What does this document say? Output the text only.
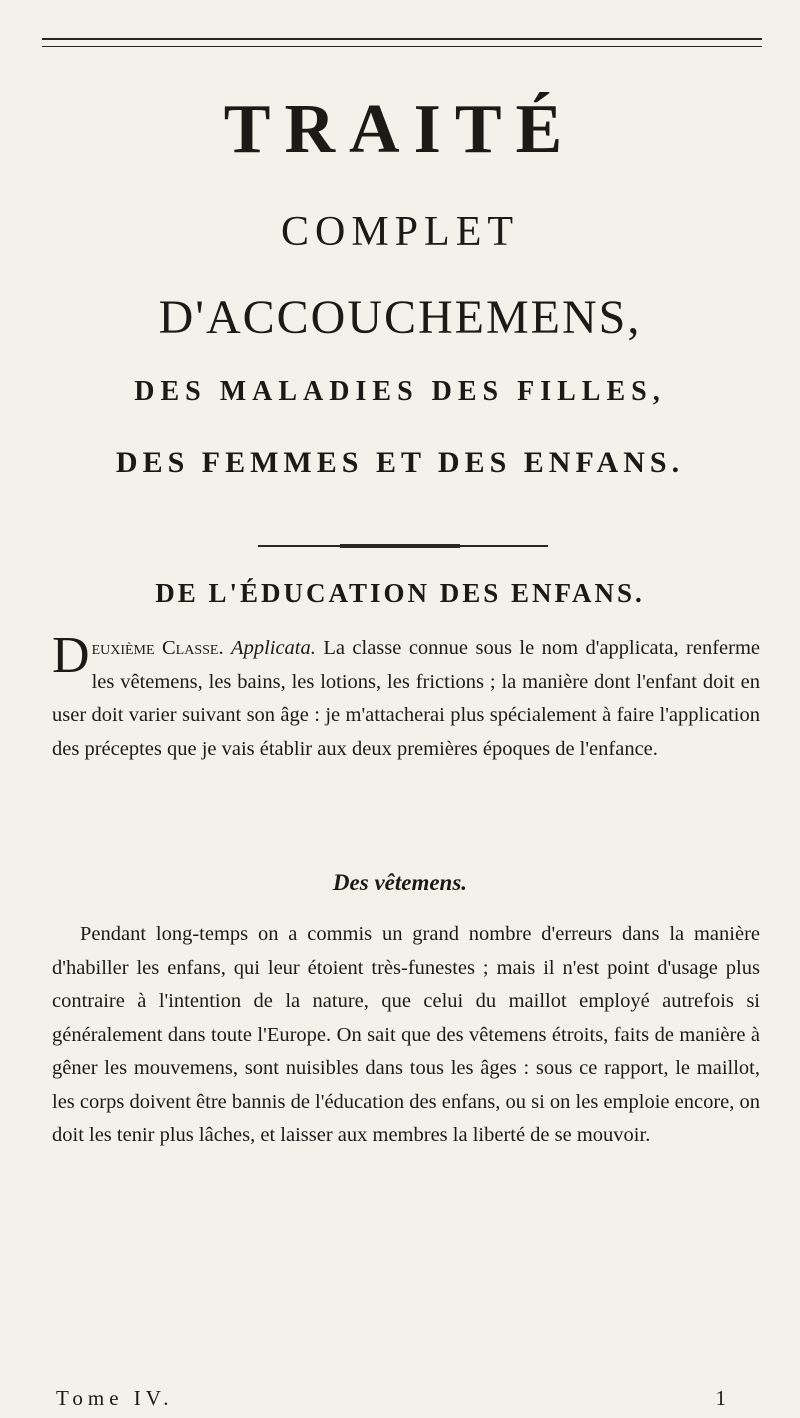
TRAITÉ
COMPLET
D'ACCOUCHEMENS,
DES MALADIES DES FILLES,
DES FEMMES ET DES ENFANS.
DE L'ÉDUCATION DES ENFANS.
Deuxième Classe. Applicata. La classe connue sous le nom d'applicata, renferme les vêtemens, les bains, les lotions, les frictions ; la manière dont l'enfant doit en user doit varier suivant son âge : je m'attacherai plus spécialement à faire l'application des préceptes que je vais établir aux deux premières époques de l'enfance.
Des vêtemens.
Pendant long-temps on a commis un grand nombre d'erreurs dans la manière d'habiller les enfans, qui leur étoient très-funestes ; mais il n'est point d'usage plus contraire à l'intention de la nature, que celui du maillot employé autrefois si généralement dans toute l'Europe. On sait que des vêtemens étroits, faits de manière à gêner les mouvemens, sont nuisibles dans tous les âges : sous ce rapport, le maillot, les corps doivent être bannis de l'éducation des enfans, ou si on les emploie encore, on doit les tenir plus lâches, et laisser aux membres la liberté de se mouvoir.
Tome IV.	1
